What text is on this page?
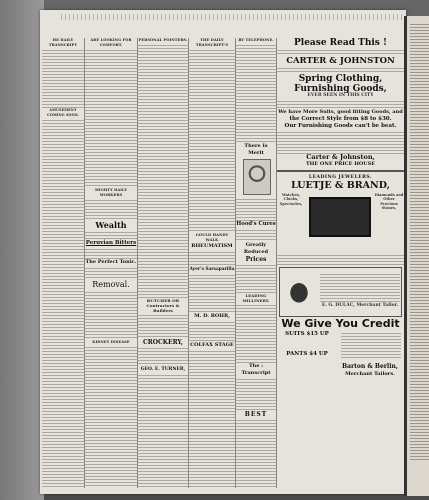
HE DAILY TRANSCRIPT
AMUSEMENT COMING SOON.
ARE LOOKING FOR COMFORT.
MIGHTY DAILY WORKERS
Wealth
Peruvian Bitters
The Perfect Tonic.
Removal.
KIDNEY DISEASE
PERSONAL POINTERS.
BUTCHER OR
Contractors & Builders
CROCKERY,
GEO. E. TURNER,
THE DAILY TRANSCRIPT'S
GOULD HANDY WALK
RHEUMATISM
Ayer's Sarsaparilla
M. D. ROHR,
COLFAX STAGE
BY TELEPHONE.
There Is Merit
Hood's Cures
Greatly Reduced
Prices
LEADING MILLINERY.
The : Transcript
BEST
Please Read This !
CARTER & JOHNSTON
Spring Clothing,
Furnishing Goods,
EVER SEEN IN THIS CITY
We have More Suits, good fitting Goods, and
the Correct Style from $8 to $30.
Our Furnishing Goods can't be beat.
Carter & Johnston,
THE ONE PRICE HOUSE
LEADING JEWELERS.
LUETJE & BRAND,
Watches, Clocks, Spectacles,
Diamonds and Other Precious Stones,
E. G. DULAC, Merchant Tailor.
We Give You Credit
SUITS $15 UP
PANTS $4 UP
Barton & Berlin,
Merchant Tailors.
